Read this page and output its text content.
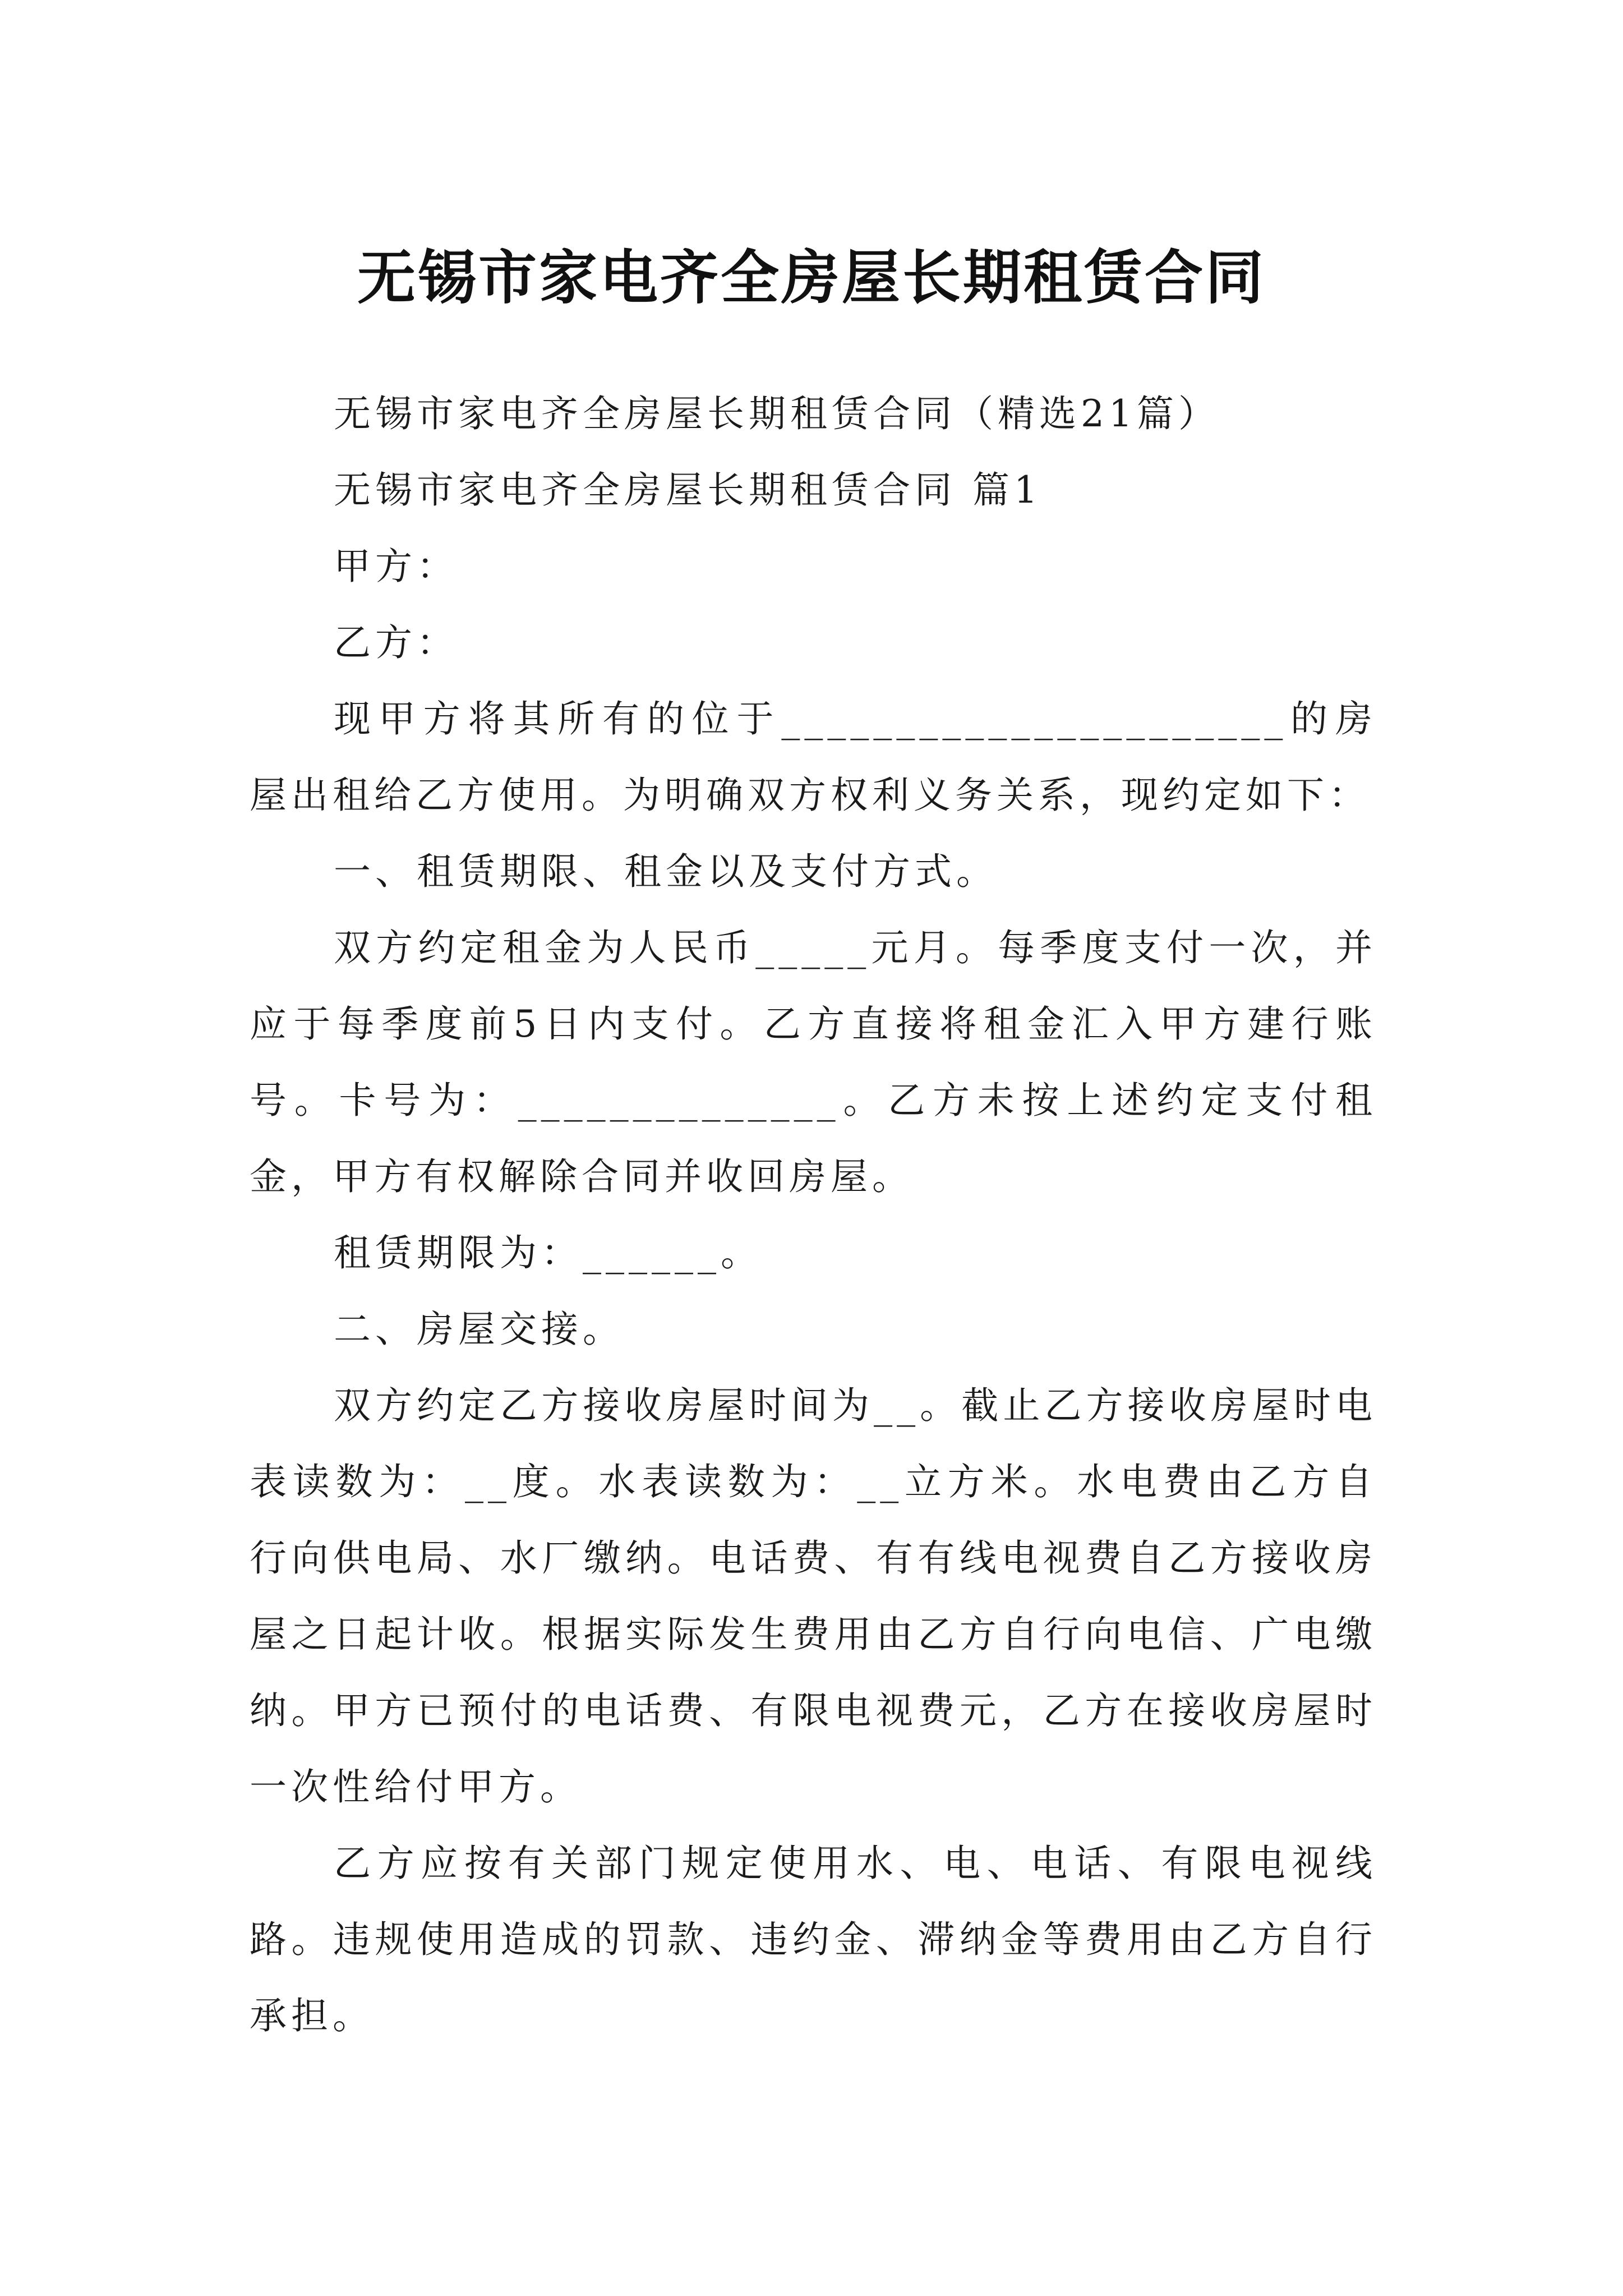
无锡市家电齐全房屋长期租赁合同

无锡市家电齐全房屋长期租赁合同（精选21篇）

无锡市家电齐全房屋长期租赁合同 篇1

甲方：

乙方：

现甲方将其所有的位于______________________的房屋出租给乙方使用。为明确双方权利义务关系，现约定如下：

一、租赁期限、租金以及支付方式。

双方约定租金为人民币_____元月。每季度支付一次，并应于每季度前5日内支付。乙方直接将租金汇入甲方建行账号。卡号为：______________。乙方未按上述约定支付租金，甲方有权解除合同并收回房屋。

租赁期限为：______。

二、房屋交接。

双方约定乙方接收房屋时间为__。截止乙方接收房屋时电表读数为：__度。水表读数为：__立方米。水电费由乙方自行向供电局、水厂缴纳。电话费、有有线电视费自乙方接收房屋之日起计收。根据实际发生费用由乙方自行向电信、广电缴纳。甲方已预付的电话费、有限电视费元，乙方在接收房屋时一次性给付甲方。

乙方应按有关部门规定使用水、电、电话、有限电视线路。违规使用造成的罚款、违约金、滞纳金等费用由乙方自行承担。
